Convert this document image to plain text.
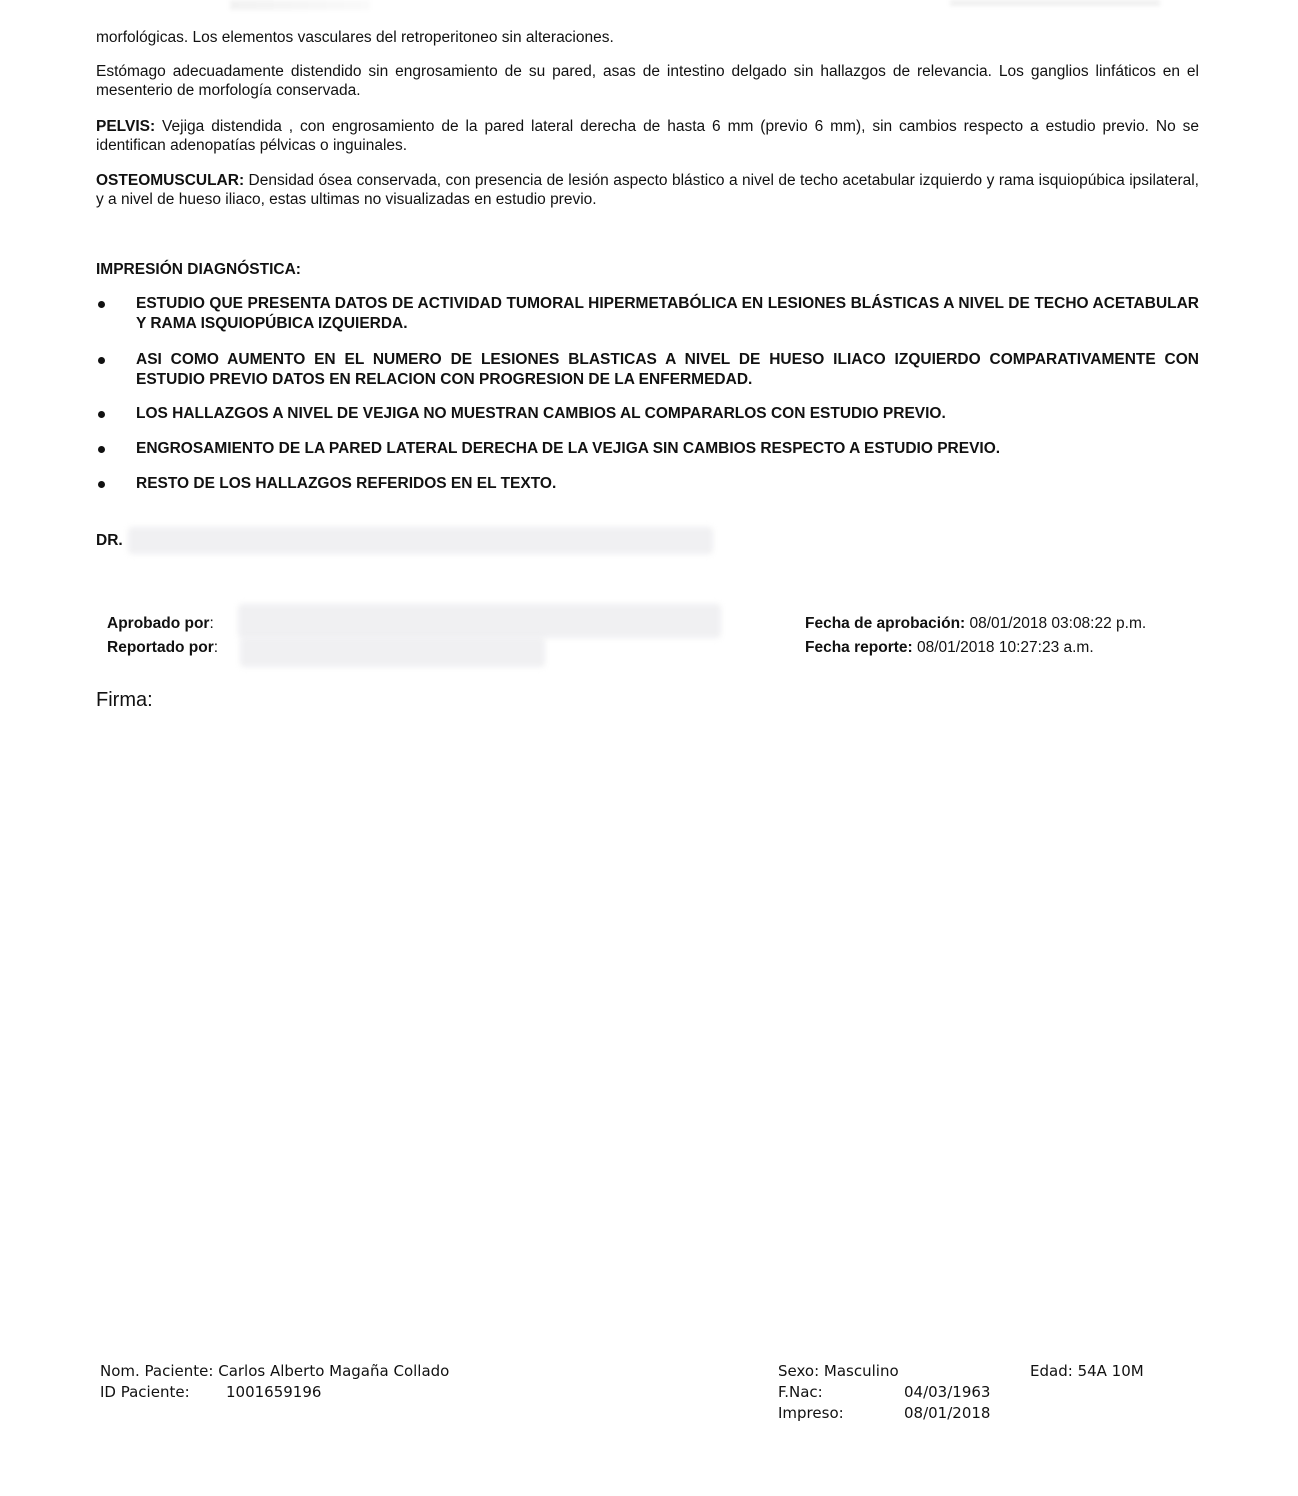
morfológicas. Los elementos vasculares del retroperitoneo sin alteraciones.
Estómago adecuadamente distendido sin engrosamiento de su pared, asas de intestino delgado sin hallazgos de relevancia. Los ganglios linfáticos en el mesenterio de morfología conservada.
PELVIS: Vejiga distendida , con engrosamiento de la pared lateral derecha de hasta 6 mm (previo 6 mm), sin cambios respecto a estudio previo. No se identifican adenopatías pélvicas o inguinales.
OSTEOMUSCULAR: Densidad ósea conservada, con presencia de lesión aspecto blástico a nivel de techo acetabular izquierdo y rama isquiopúbica ipsilateral, y a nivel de hueso iliaco, estas ultimas no visualizadas en estudio previo.
IMPRESIÓN DIAGNÓSTICA:
ESTUDIO QUE PRESENTA DATOS DE ACTIVIDAD TUMORAL HIPERMETABÓLICA EN LESIONES BLÁSTICAS A NIVEL DE TECHO ACETABULAR Y RAMA ISQUIOPÚBICA IZQUIERDA.
ASI COMO AUMENTO EN EL NUMERO DE LESIONES BLASTICAS A NIVEL DE HUESO ILIACO IZQUIERDO COMPARATIVAMENTE CON ESTUDIO PREVIO DATOS EN RELACION CON PROGRESION DE LA ENFERMEDAD.
LOS HALLAZGOS A NIVEL DE VEJIGA NO MUESTRAN CAMBIOS AL COMPARARLOS CON ESTUDIO PREVIO.
ENGROSAMIENTO DE LA PARED LATERAL DERECHA DE LA VEJIGA SIN CAMBIOS RESPECTO A ESTUDIO PREVIO.
RESTO DE LOS HALLAZGOS REFERIDOS EN EL TEXTO.
DR.
Aprobado por:
Reportado por:
Fecha de aprobación: 08/01/2018 03:08:22 p.m.
Fecha reporte: 08/01/2018 10:27:23 a.m.
Firma:
Nom. Paciente: Carlos Alberto Magaña Collado
ID Paciente: 1001659196
Sexo: Masculino
F.Nac:	04/03/1963
Impreso:	08/01/2018
Edad: 54A 10M
